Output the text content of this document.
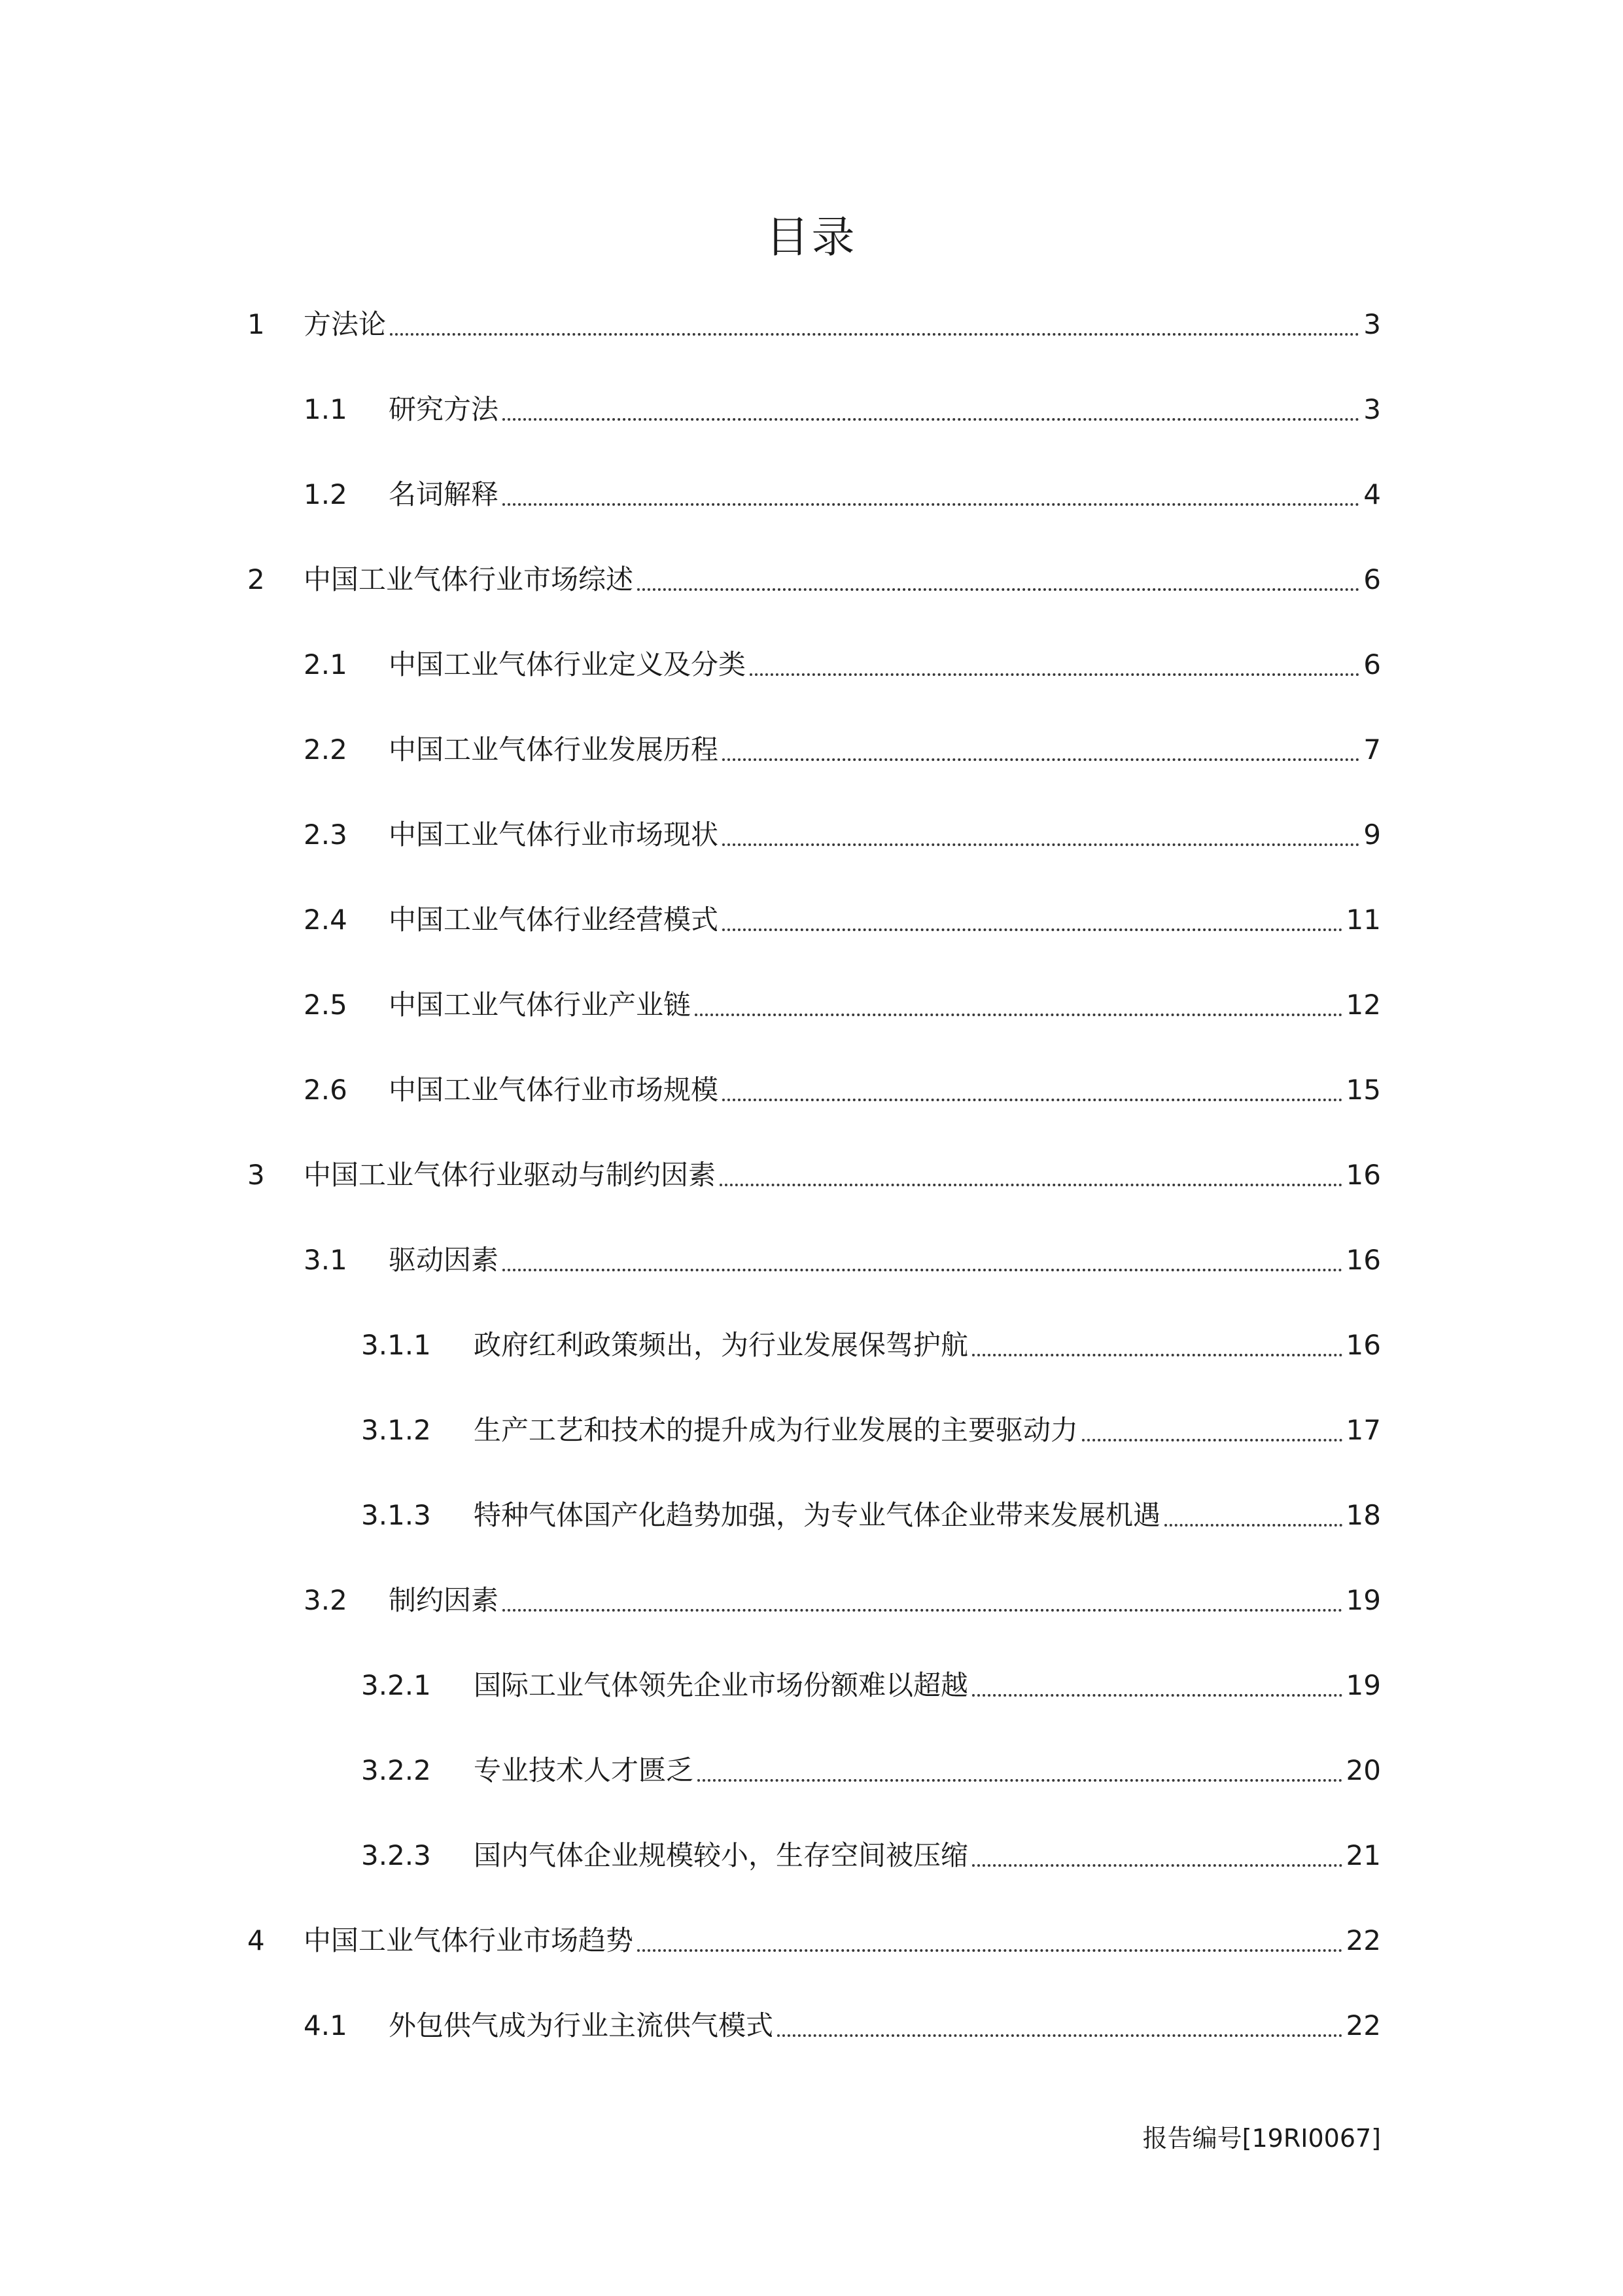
目录
1	方法论	3
1.1	研究方法	3
1.2	名词解释	4
2	中国工业气体行业市场综述	6
2.1	中国工业气体行业定义及分类	6
2.2	中国工业气体行业发展历程	7
2.3	中国工业气体行业市场现状	9
2.4	中国工业气体行业经营模式	11
2.5	中国工业气体行业产业链	12
2.6	中国工业气体行业市场规模	15
3	中国工业气体行业驱动与制约因素	16
3.1	驱动因素	16
3.1.1	政府红利政策频出，为行业发展保驾护航	16
3.1.2	生产工艺和技术的提升成为行业发展的主要驱动力	17
3.1.3	特种气体国产化趋势加强，为专业气体企业带来发展机遇	18
3.2	制约因素	19
3.2.1	国际工业气体领先企业市场份额难以超越	19
3.2.2	专业技术人才匮乏	20
3.2.3	国内气体企业规模较小，生存空间被压缩	21
4	中国工业气体行业市场趋势	22
4.1	外包供气成为行业主流供气模式	22
报告编号[19RI0067]
